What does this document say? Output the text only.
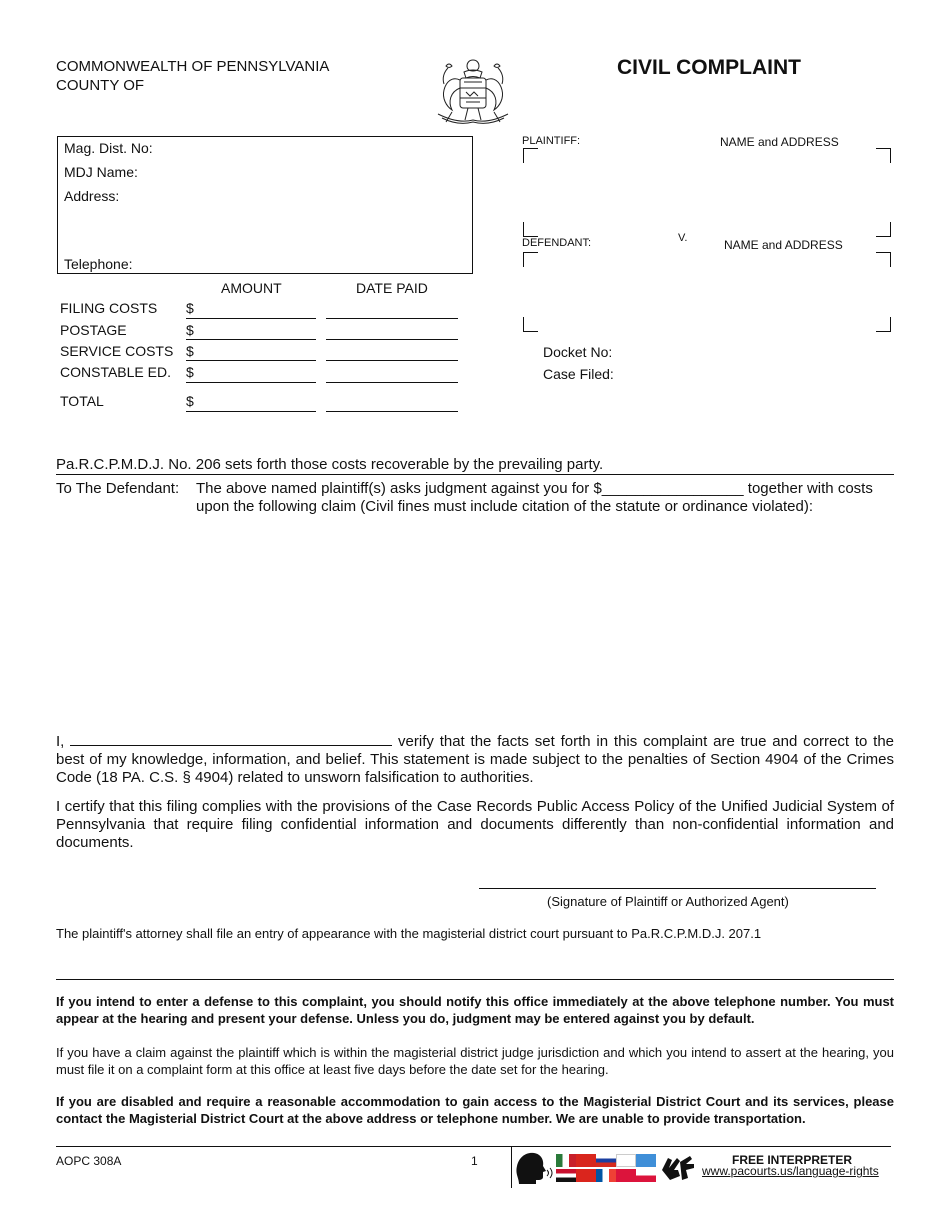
COMMONWEALTH OF PENNSYLVANIA
COUNTY OF
CIVIL COMPLAINT
Mag. Dist. No:
MDJ Name:
Address:
Telephone:
PLAINTIFF:	NAME and ADDRESS
V.
DEFENDANT:	NAME and ADDRESS
Docket No:
Case Filed:
AMOUNT	DATE PAID
FILING COSTS $
POSTAGE	$
SERVICE COSTS $
CONSTABLE ED. $
TOTAL	$
Pa.R.C.P.M.D.J. No. 206 sets forth those costs recoverable by the prevailing party.
To The Defendant: The above named plaintiff(s) asks judgment against you for $_________________ together with costs
upon the following claim (Civil fines must include citation of the statute or ordinance violated):
I,	verify that the facts set forth in this complaint are true and correct to the best of my knowledge, information, and belief. This statement is made subject to the penalties of Section 4904 of the Crimes Code (18 PA. C.S. § 4904) related to unsworn falsification to authorities.
I certify that this filing complies with the provisions of the Case Records Public Access Policy of the Unified Judicial System of Pennsylvania that require filing confidential information and documents differently than non-confidential information and documents.
(Signature of Plaintiff or Authorized Agent)
The plaintiff's attorney shall file an entry of appearance with the magisterial district court pursuant to Pa.R.C.P.M.D.J. 207.1
If you intend to enter a defense to this complaint, you should notify this office immediately at the above telephone number. You must appear at the hearing and present your defense. Unless you do, judgment may be entered against you by default.
If you have a claim against the plaintiff which is within the magisterial district judge jurisdiction and which you intend to assert at the hearing, you must file it on a complaint form at this office at least five days before the date set for the hearing.
If you are disabled and require a reasonable accommodation to gain access to the Magisterial District Court and its services, please contact the Magisterial District Court at the above address or telephone number. We are unable to provide transportation.
AOPC 308A	1	FREE INTERPRETER
www.pacourts.us/language-rights
